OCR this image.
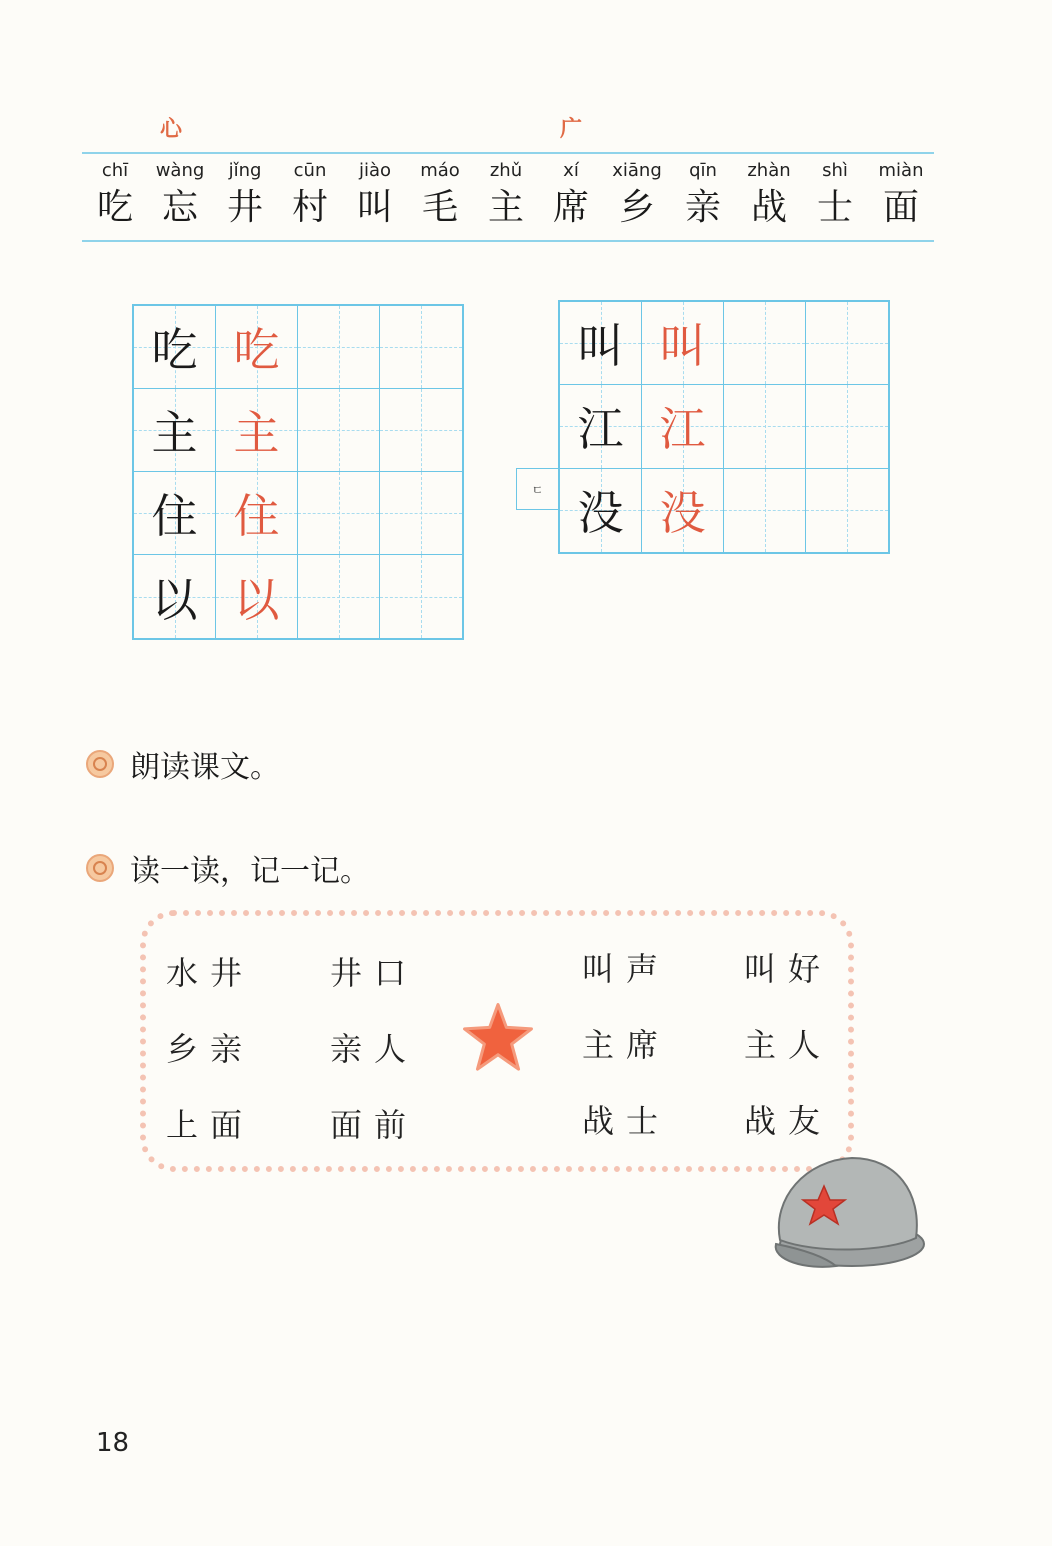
心	广
chī
吃
wàng
忘
jǐng
井
cūn
村
jiào
叫
máo
毛
zhǔ
主
xí
席
xiāng
乡
qīn
亲
zhàn
战
shì
士
miàn
面
吃 吃
主 主
住 住
以 以
ㄷ
叫 叫
江 江
没 没
朗读课文。
读一读，记一记。
水井 井口
乡亲 亲人
上面 面前
叫声 叫好
主席 主人
战士 战友
18
